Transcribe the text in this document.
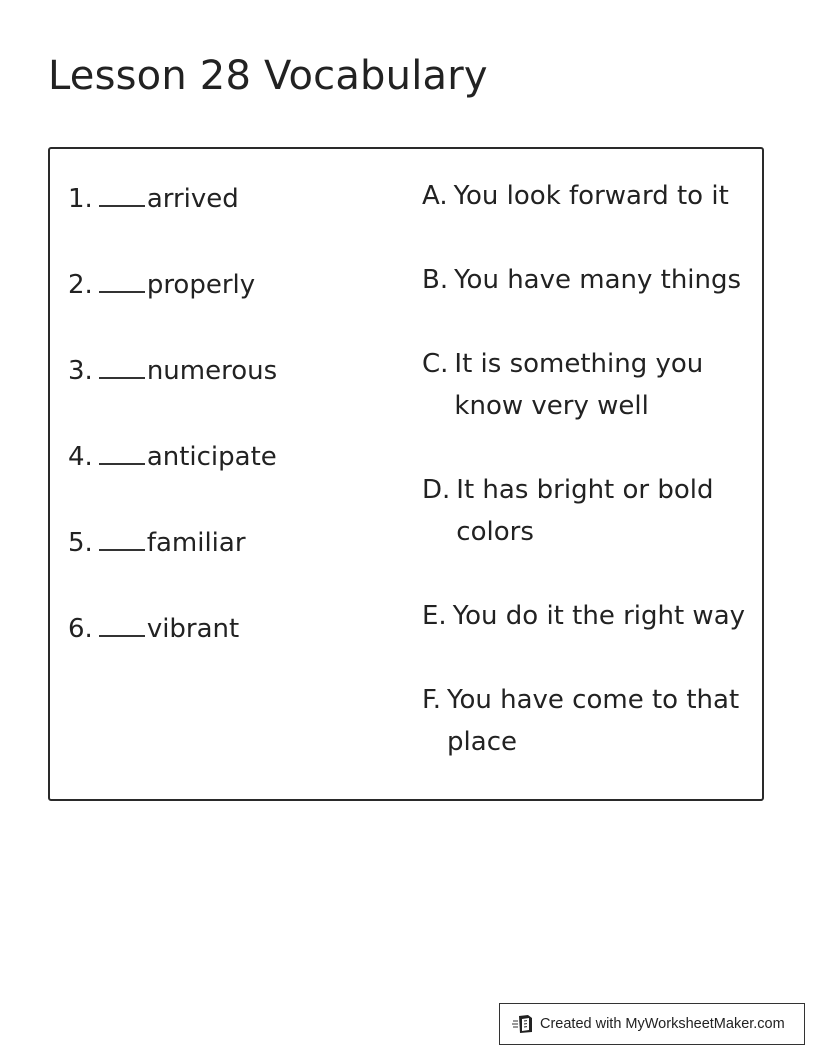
Lesson 28 Vocabulary
1. arrived
2. properly
3. numerous
4. anticipate
5. familiar
6. vibrant
A. You look forward to it
B. You have many things
C. It is something you know very well
D. It has bright or bold colors
E. You do it the right way
F. You have come to that place
Created with MyWorksheetMaker.com
